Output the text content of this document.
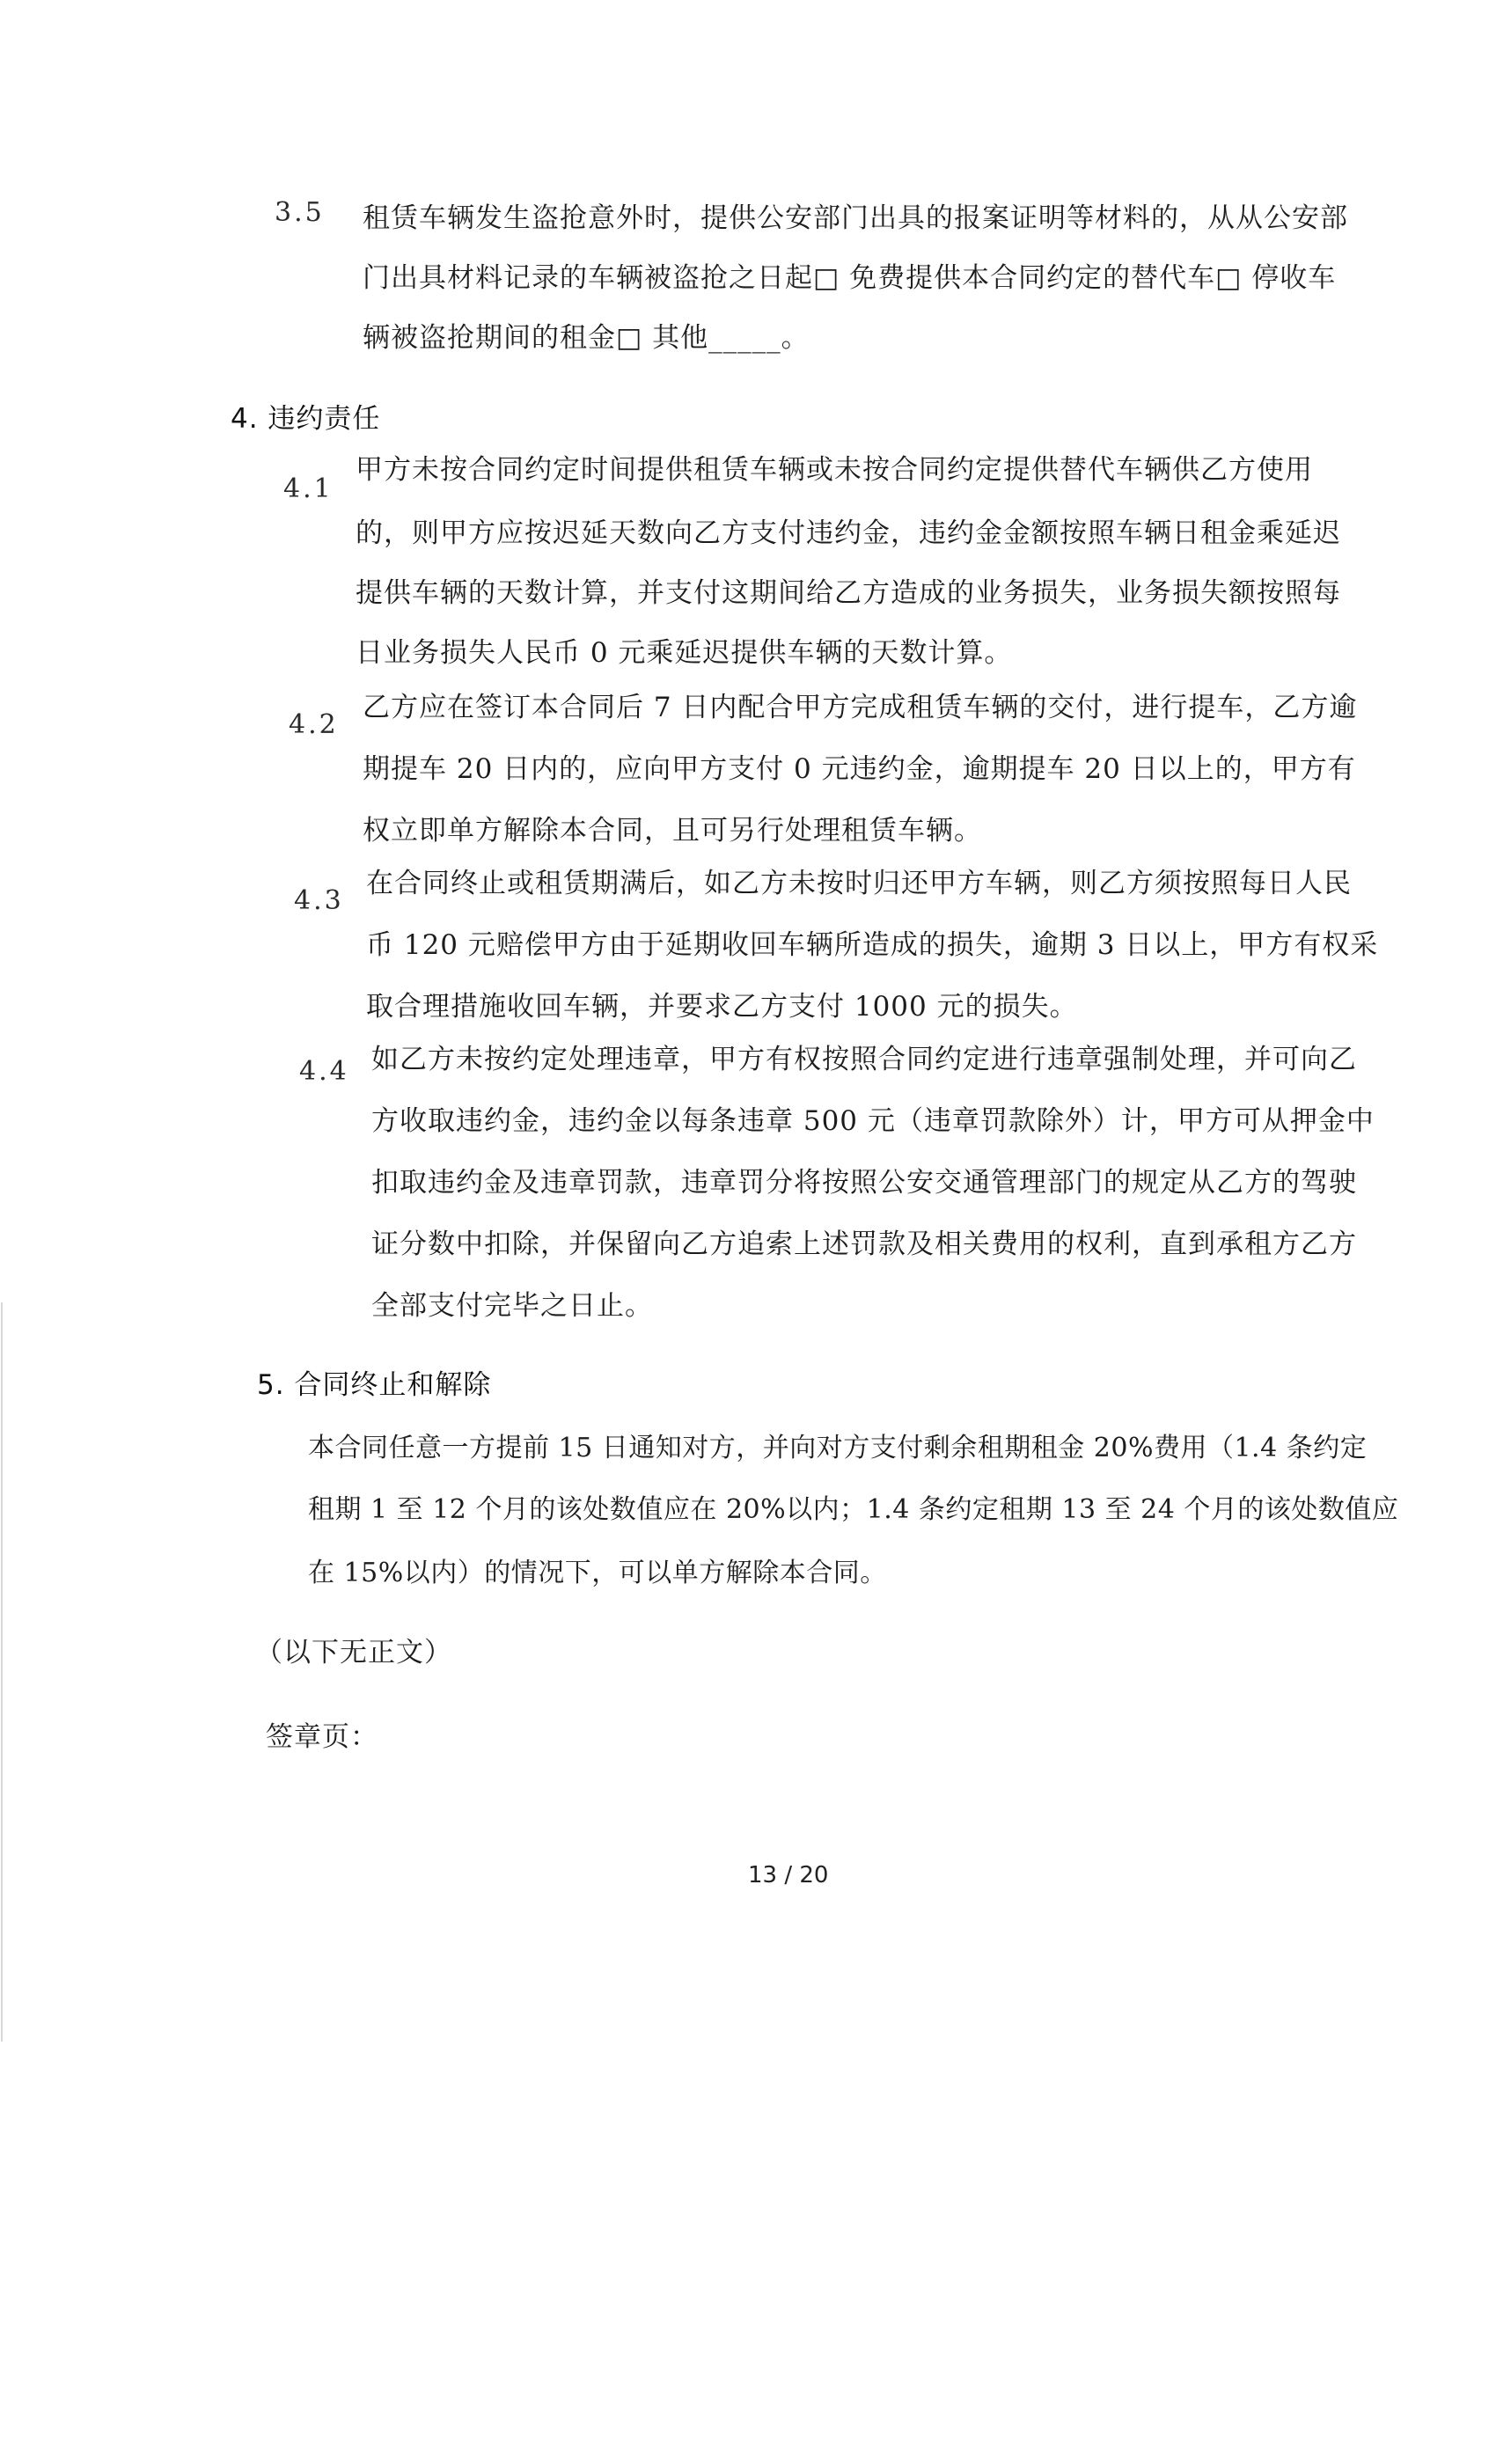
3.5 租赁车辆发生盗抢意外时，提供公安部门出具的报案证明等材料的，从从公安部
门出具材料记录的车辆被盗抢之日起□ 免费提供本合同约定的替代车□ 停收车
辆被盗抢期间的租金□ 其他_____。
4. 违约责任
4.1
甲方未按合同约定时间提供租赁车辆或未按合同约定提供替代车辆供乙方使用
的，则甲方应按迟延天数向乙方支付违约金，违约金金额按照车辆日租金乘延迟
提供车辆的天数计算，并支付这期间给乙方造成的业务损失，业务损失额按照每
日业务损失人民币 0 元乘延迟提供车辆的天数计算。
4.2
乙方应在签订本合同后 7 日内配合甲方完成租赁车辆的交付，进行提车，乙方逾
期提车 20 日内的，应向甲方支付 0 元违约金，逾期提车 20 日以上的，甲方有
权立即单方解除本合同，且可另行处理租赁车辆。
4.3
在合同终止或租赁期满后，如乙方未按时归还甲方车辆，则乙方须按照每日人民
币 120 元赔偿甲方由于延期收回车辆所造成的损失，逾期 3 日以上，甲方有权采
取合理措施收回车辆，并要求乙方支付 1000 元的损失。
4.4 如乙方未按约定处理违章，甲方有权按照合同约定进行违章强制处理，并可向乙
方收取违约金，违约金以每条违章 500 元（违章罚款除外）计，甲方可从押金中
扣取违约金及违章罚款，违章罚分将按照公安交通管理部门的规定从乙方的驾驶
证分数中扣除，并保留向乙方追索上述罚款及相关费用的权利，直到承租方乙方
全部支付完毕之日止。
5. 合同终止和解除
本合同任意一方提前 15 日通知对方，并向对方支付剩余租期租金 20%费用（1.4 条约定
租期 1 至 12 个月的该处数值应在 20%以内；1.4 条约定租期 13 至 24 个月的该处数值应
在 15%以内）的情况下，可以单方解除本合同。
（以下无正文）
签章页：
13 / 20
